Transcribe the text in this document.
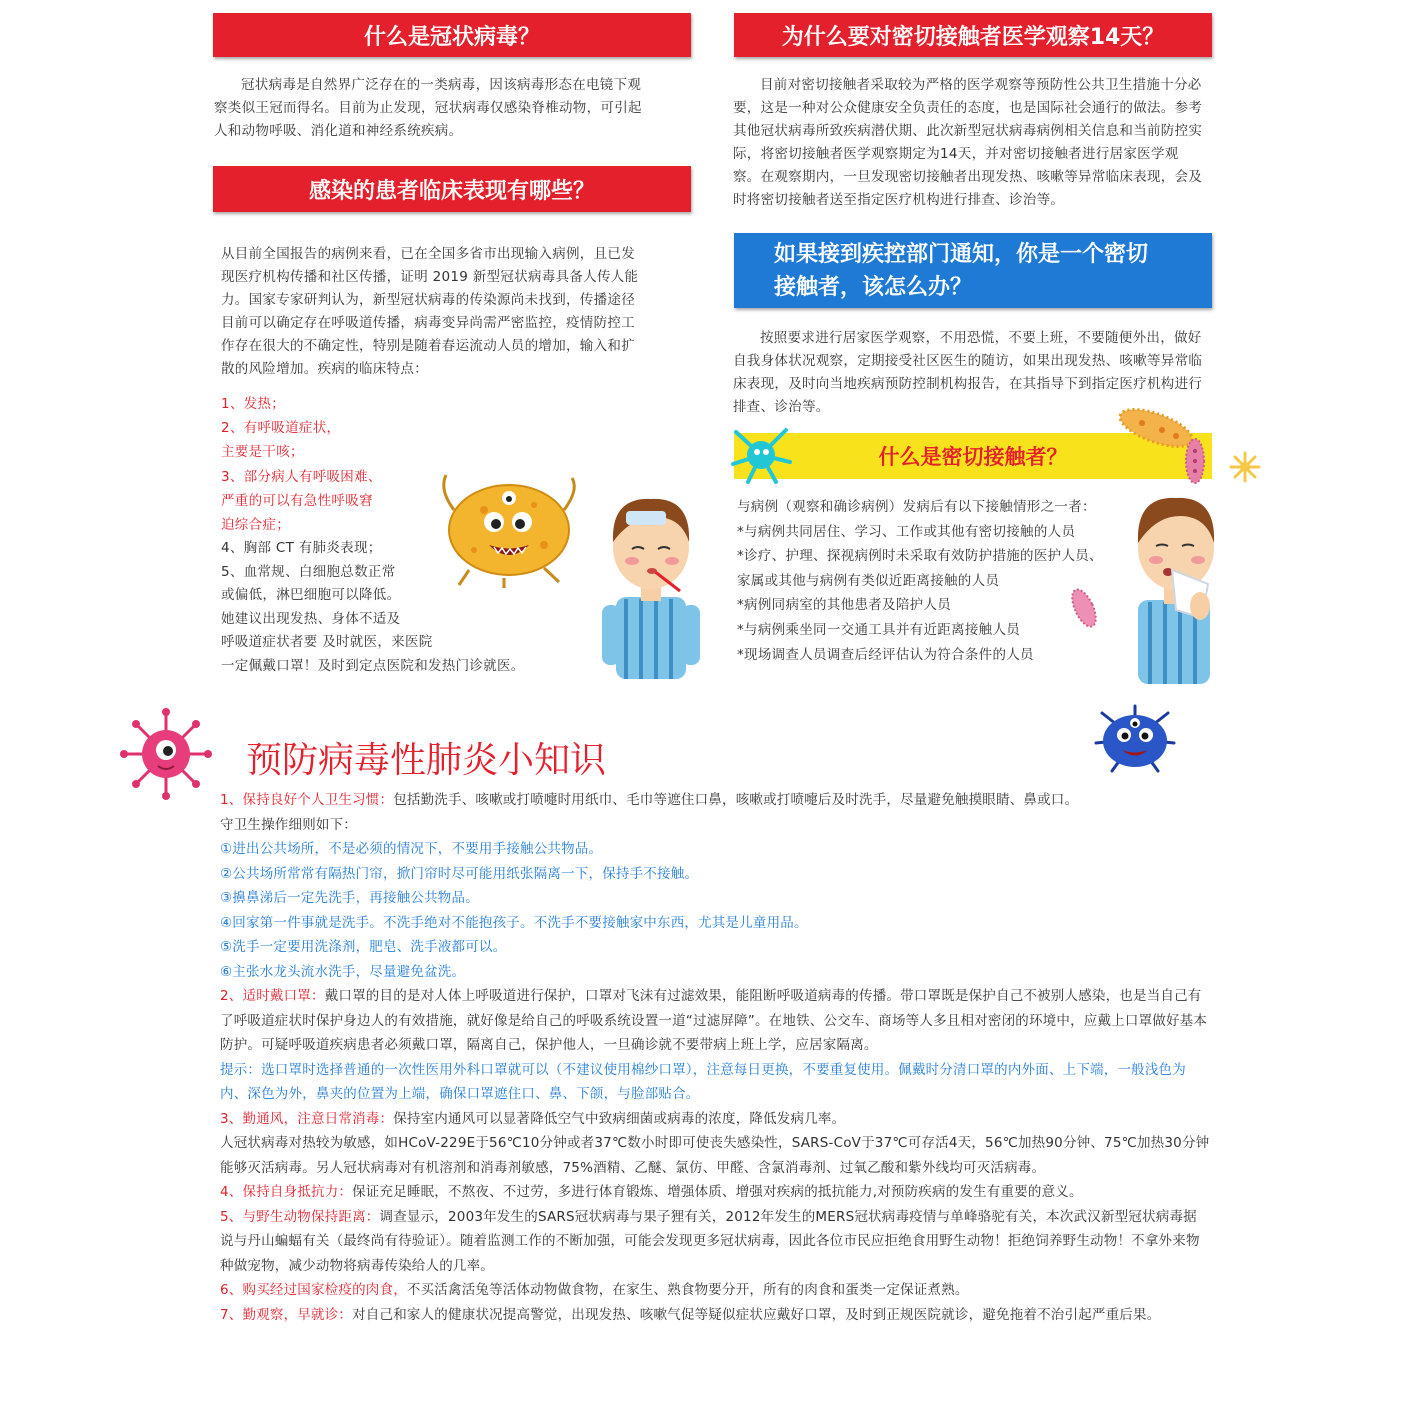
什么是冠状病毒？
冠状病毒是自然界广泛存在的一类病毒，因该病毒形态在电镜下观察类似王冠而得名。目前为止发现，冠状病毒仅感染脊椎动物，可引起人和动物呼吸、消化道和神经系统疾病。
感染的患者临床表现有哪些？
从目前全国报告的病例来看，已在全国多省市出现输入病例，且已发现医疗机构传播和社区传播，证明 2019 新型冠状病毒具备人传人能力。国家专家研判认为，新型冠状病毒的传染源尚未找到，传播途径目前可以确定存在呼吸道传播，病毒变异尚需严密监控，疫情防控工作存在很大的不确定性，特别是随着春运流动人员的增加，输入和扩散的风险增加。疾病的临床特点：

1、发热；

2、有呼吸道症状，

主要是干咳；

3、部分病人有呼吸困难、

严重的可以有急性呼吸窘

迫综合症；

4、胸部 CT 有肺炎表现；

5、血常规、白细胞总数正常

或偏低，淋巴细胞可以降低。

她建议出现发热、身体不适及

呼吸道症状者要 及时就医，来医院

一定佩戴口罩！及时到定点医院和发热门诊就医。

为什么要对密切接触者医学观察14天？
目前对密切接触者采取较为严格的医学观察等预防性公共卫生措施十分必要，这是一种对公众健康安全负责任的态度，也是国际社会通行的做法。参考其他冠状病毒所致疾病潜伏期、此次新型冠状病毒病例相关信息和当前防控实际，将密切接触者医学观察期定为14天，并对密切接触者进行居家医学观察。在观察期内，一旦发现密切接触者出现发热、咳嗽等异常临床表现，会及时将密切接触者送至指定医疗机构进行排查、诊治等。
如果接到疾控部门通知，你是一个密切
接触者，该怎么办？
按照要求进行居家医学观察，不用恐慌，不要上班，不要随便外出，做好自我身体状况观察，定期接受社区医生的随访，如果出现发热、咳嗽等异常临床表现，及时向当地疾病预防控制机构报告，在其指导下到指定医疗机构进行排查、诊治等。
什么是密切接触者？

与病例（观察和确诊病例）发病后有以下接触情形之一者：

*与病例共同居住、学习、工作或其他有密切接触的人员

*诊疗、护理、探视病例时未采取有效防护措施的医护人员、

家属或其他与病例有类似近距离接触的人员

*病例同病室的其他患者及陪护人员

*与病例乘坐同一交通工具并有近距离接触人员

*现场调查人员调查后经评估认为符合条件的人员

预防病毒性肺炎小知识

1、保持良好个人卫生习惯：包括勤洗手、咳嗽或打喷嚏时用纸巾、毛巾等遮住口鼻，咳嗽或打喷嚏后及时洗手，尽量避免触摸眼睛、鼻或口。

守卫生操作细则如下：

①进出公共场所，不是必须的情况下，不要用手接触公共物品。

②公共场所常常有隔热门帘，掀门帘时尽可能用纸张隔离一下，保持手不接触。

③擤鼻涕后一定先洗手，再接触公共物品。

④回家第一件事就是洗手。不洗手绝对不能抱孩子。不洗手不要接触家中东西，尤其是儿童用品。

⑤洗手一定要用洗涤剂，肥皂、洗手液都可以。

⑥主张水龙头流水洗手，尽量避免盆洗。

2、适时戴口罩：戴口罩的目的是对人体上呼吸道进行保护，口罩对飞沫有过滤效果，能阻断呼吸道病毒的传播。带口罩既是保护自己不被别人感染，也是当自己有了呼吸道症状时保护身边人的有效措施，就好像是给自己的呼吸系统设置一道“过滤屏障”。在地铁、公交车、商场等人多且相对密闭的环境中，应戴上口罩做好基本防护。可疑呼吸道疾病患者必须戴口罩，隔离自己，保护他人，一旦确诊就不要带病上班上学，应居家隔离。

提示：选口罩时选择普通的一次性医用外科口罩就可以（不建议使用棉纱口罩），注意每日更换，不要重复使用。佩戴时分清口罩的内外面、上下端，一般浅色为内、深色为外，鼻夹的位置为上端，确保口罩遮住口、鼻、下颌，与脸部贴合。

3、勤通风，注意日常消毒：保持室内通风可以显著降低空气中致病细菌或病毒的浓度，降低发病几率。

人冠状病毒对热较为敏感，如HCoV-229E于56℃10分钟或者37℃数小时即可使丧失感染性，SARS-CoV于37℃可存活4天，56℃加热90分钟、75℃加热30分钟能够灭活病毒。另人冠状病毒对有机溶剂和消毒剂敏感，75%酒精、乙醚、氯仿、甲醛、含氯消毒剂、过氧乙酸和紫外线均可灭活病毒。

4、保持自身抵抗力：保证充足睡眠，不熬夜、不过劳，多进行体育锻炼、增强体质、增强对疾病的抵抗能力,对预防疾病的发生有重要的意义。

5、与野生动物保持距离：调查显示，2003年发生的SARS冠状病毒与果子狸有关，2012年发生的MERS冠状病毒疫情与单峰骆驼有关，本次武汉新型冠状病毒据说与丹山蝙蝠有关（最终尚有待验证）。随着监测工作的不断加强，可能会发现更多冠状病毒，因此各位市民应拒绝食用野生动物！拒绝饲养野生动物！不拿外来物种做宠物，减少动物将病毒传染给人的几率。

6、购买经过国家检疫的肉食，不买活禽活兔等活体动物做食物，在家生、熟食物要分开，所有的肉食和蛋类一定保证煮熟。

7、勤观察，早就诊：对自己和家人的健康状况提高警觉，出现发热、咳嗽气促等疑似症状应戴好口罩，及时到正规医院就诊，避免拖着不治引起严重后果。
